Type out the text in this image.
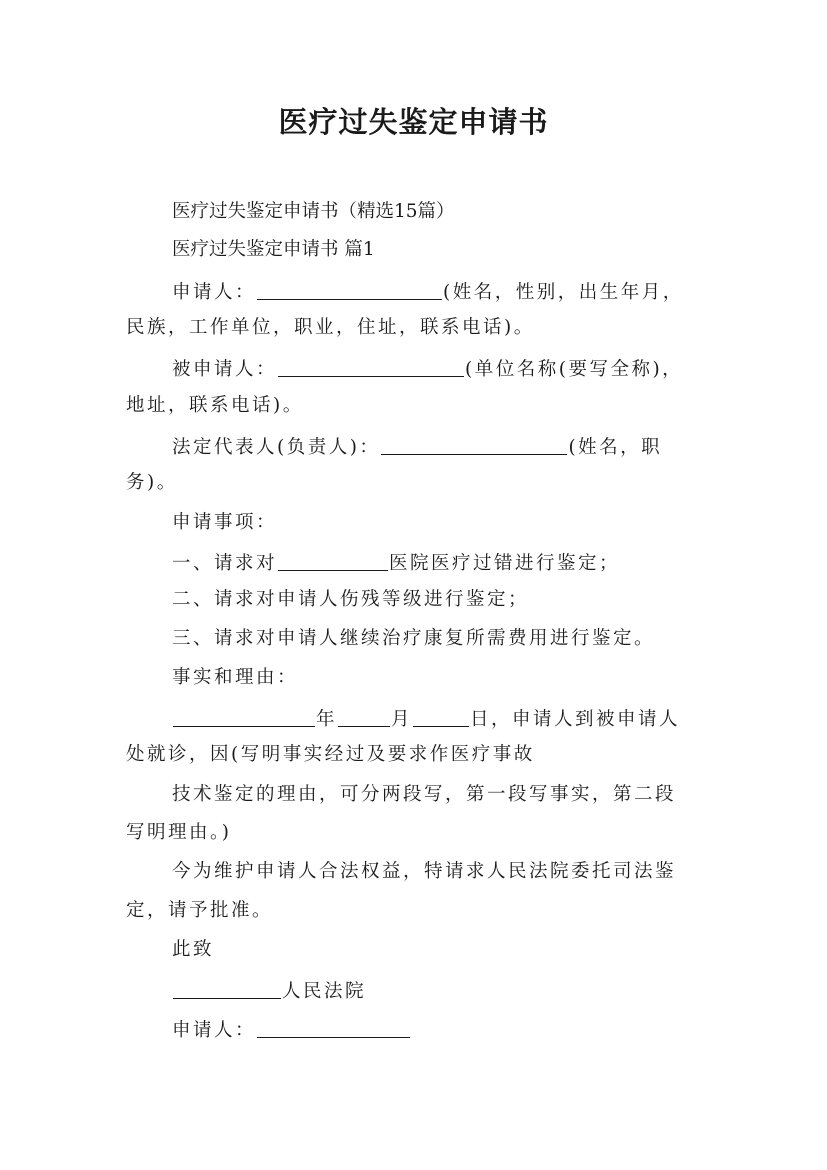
医疗过失鉴定申请书
医疗过失鉴定申请书（精选15篇）
医疗过失鉴定申请书 篇1
申请人：	(姓名，性别，出生年月，
民族，工作单位，职业，住址，联系电话)。
被申请人：	(单位名称(要写全称)，
地址，联系电话)。
法定代表人(负责人)：	(姓名，职
务)。
申请事项：
一、请求对	医院医疗过错进行鉴定；
二、请求对申请人伤残等级进行鉴定；
三、请求对申请人继续治疗康复所需费用进行鉴定。
事实和理由：
年	月	日，申请人到被申请人
处就诊，因(写明事实经过及要求作医疗事故
技术鉴定的理由，可分两段写，第一段写事实，第二段
写明理由。)
今为维护申请人合法权益，特请求人民法院委托司法鉴
定，请予批准。
此致
人民法院
申请人：
